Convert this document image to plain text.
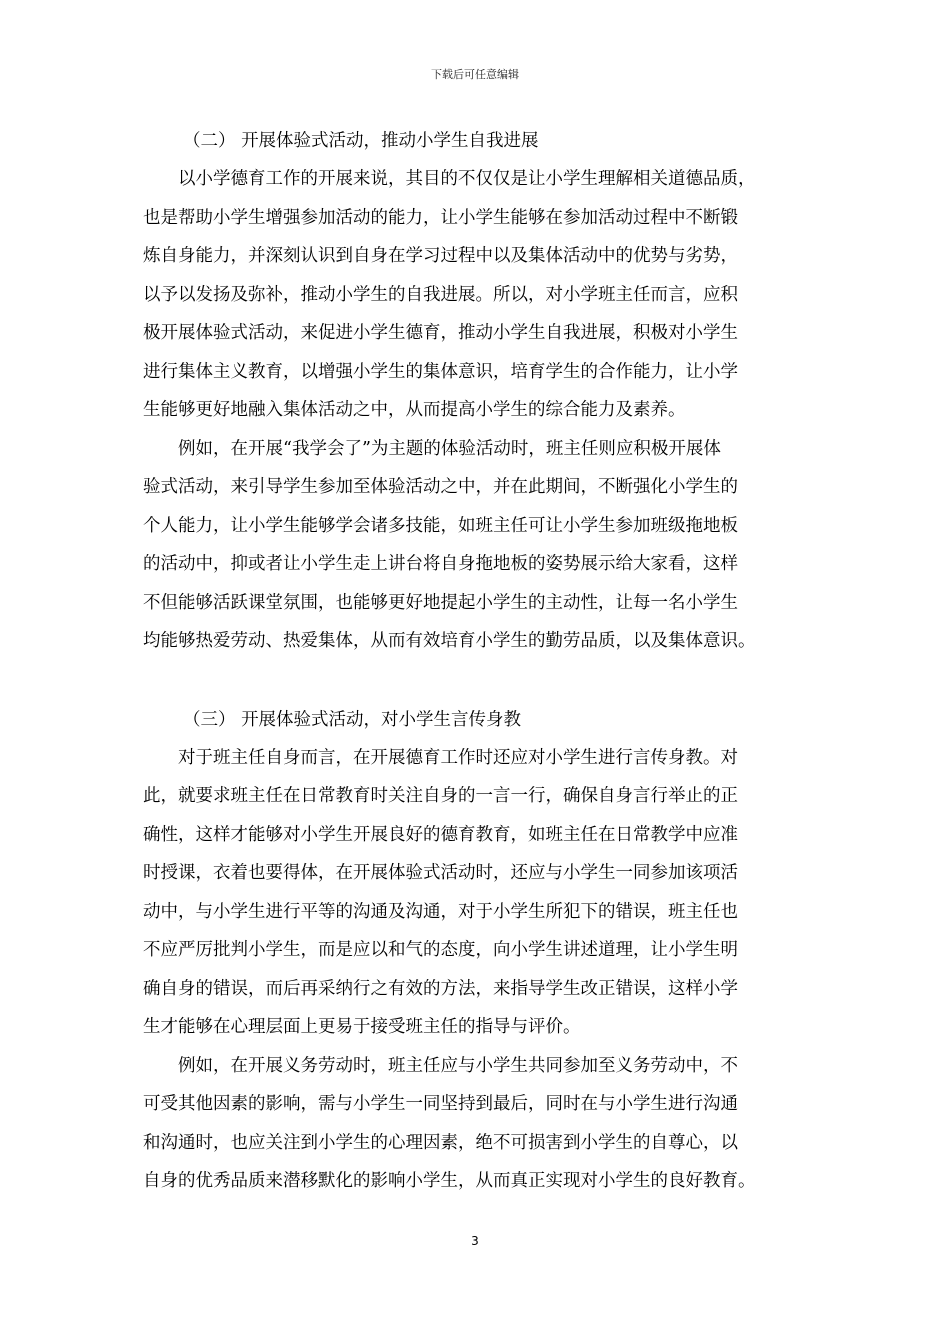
下载后可任意编辑
（二） 开展体验式活动，推动小学生自我进展

以小学德育工作的开展来说，其目的不仅仅是让小学生理解相关道德品质，
也是帮助小学生增强参加活动的能力，让小学生能够在参加活动过程中不断锻
炼自身能力，并深刻认识到自身在学习过程中以及集体活动中的优势与劣势，
以予以发扬及弥补，推动小学生的自我进展。所以，对小学班主任而言，应积
极开展体验式活动，来促进小学生德育，推动小学生自我进展，积极对小学生
进行集体主义教育，以增强小学生的集体意识，培育学生的合作能力，让小学
生能够更好地融入集体活动之中，从而提高小学生的综合能力及素养。

例如，在开展“我学会了”为主题的体验活动时，班主任则应积极开展体
验式活动，来引导学生参加至体验活动之中，并在此期间，不断强化小学生的
个人能力，让小学生能够学会诸多技能，如班主任可让小学生参加班级拖地板
的活动中，抑或者让小学生走上讲台将自身拖地板的姿势展示给大家看，这样
不但能够活跃课堂氛围，也能够更好地提起小学生的主动性，让每一名小学生
均能够热爱劳动、热爱集体，从而有效培育小学生的勤劳品质，以及集体意识。

（三） 开展体验式活动，对小学生言传身教

对于班主任自身而言，在开展德育工作时还应对小学生进行言传身教。对
此，就要求班主任在日常教育时关注自身的一言一行，确保自身言行举止的正
确性，这样才能够对小学生开展良好的德育教育，如班主任在日常教学中应准
时授课，衣着也要得体，在开展体验式活动时，还应与小学生一同参加该项活
动中，与小学生进行平等的沟通及沟通，对于小学生所犯下的错误，班主任也
不应严厉批判小学生，而是应以和气的态度，向小学生讲述道理，让小学生明
确自身的错误，而后再采纳行之有效的方法，来指导学生改正错误，这样小学
生才能够在心理层面上更易于接受班主任的指导与评价。

例如，在开展义务劳动时，班主任应与小学生共同参加至义务劳动中，不
可受其他因素的影响，需与小学生一同坚持到最后，同时在与小学生进行沟通
和沟通时，也应关注到小学生的心理因素，绝不可损害到小学生的自尊心，以
自身的优秀品质来潜移默化的影响小学生，从而真正实现对小学生的良好教育。

3
